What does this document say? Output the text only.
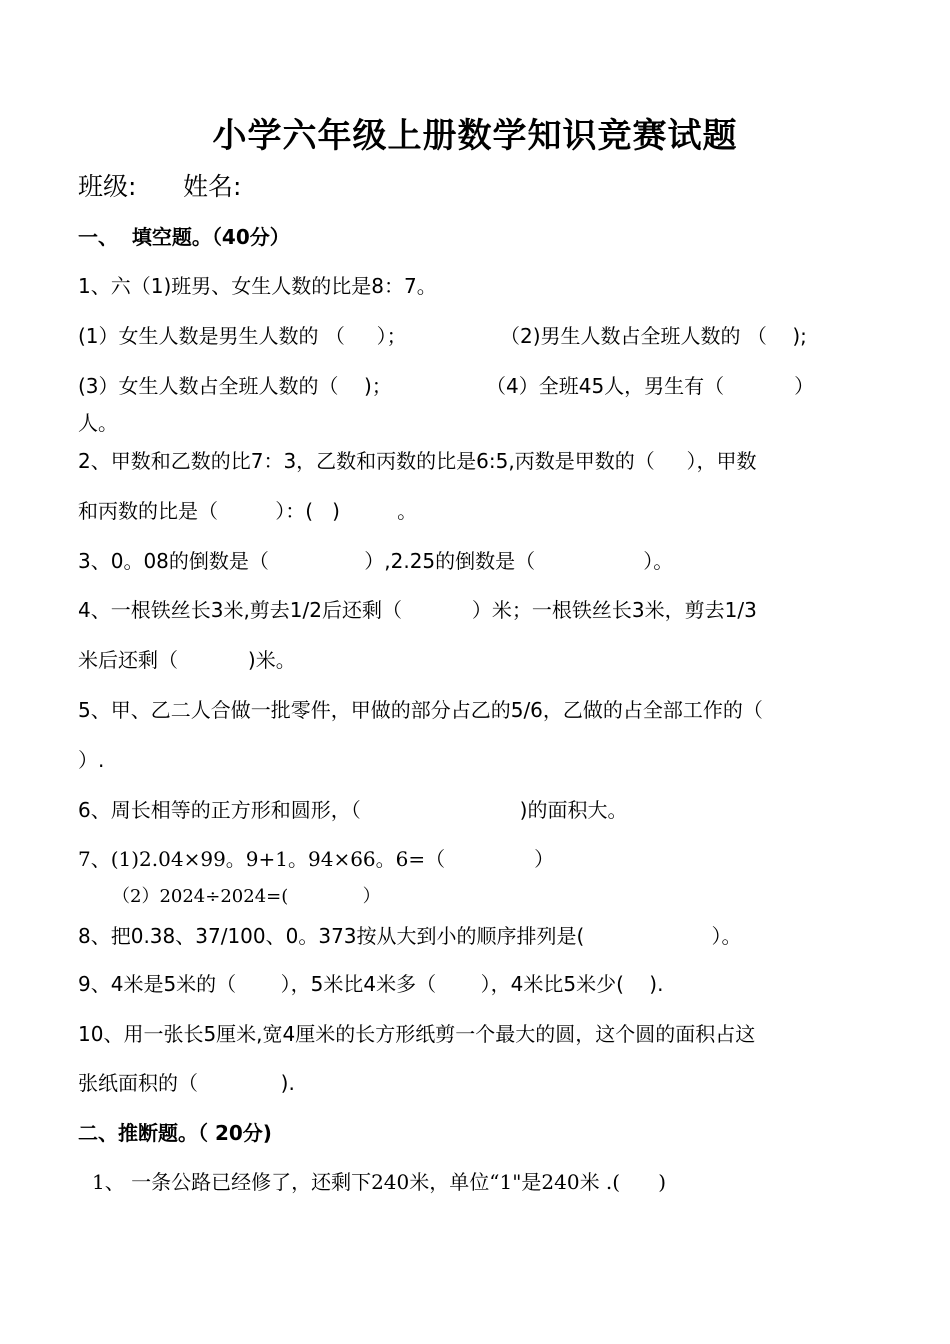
小学六年级上册数学知识竞赛试题
班级: 姓名:
一、  填空题。（40分）
1、六（1)班男、女生人数的比是8：7。
(1）女生人数是男生人数的 （     ）；	（2)男生人数占全班人数的 （    );
(3）女生人数占全班人数的（    )；	（4）全班45人，男生有（           ）
人。
2、甲数和乙数的比7：3，乙数和丙数的比是6:5,丙数是甲数的（     ），甲数
和丙数的比是（         ）：(   )         。
3、0。08的倒数是（               ）,2.25的倒数是（                 ）。
4、一根铁丝长3米,剪去1/2后还剩（           ）米；一根铁丝长3米，剪去1/3
米后还剩（           )米。
5、甲、乙二人合做一批零件，甲做的部分占乙的5/6，乙做的占全部工作的（
）.
6、周长相等的正方形和圆形，（                         )的面积大。
7、(1)2.04×99。9+1。94×66。6=（              ）
（2）2024÷2024=(             ）
8、把0.38、37/100、0。373按从大到小的顺序排列是(                    ）。
9、4米是5米的（       ），5米比4米多（       ），4米比5米少(    ).
10、用一张长5厘米,宽4厘米的长方形纸剪一个最大的圆，这个圆的面积占这
张纸面积的（             ).
二、推断题。（ 20分)
1、 一条公路已经修了，还剩下240米，单位“1"是240米 .(      )
